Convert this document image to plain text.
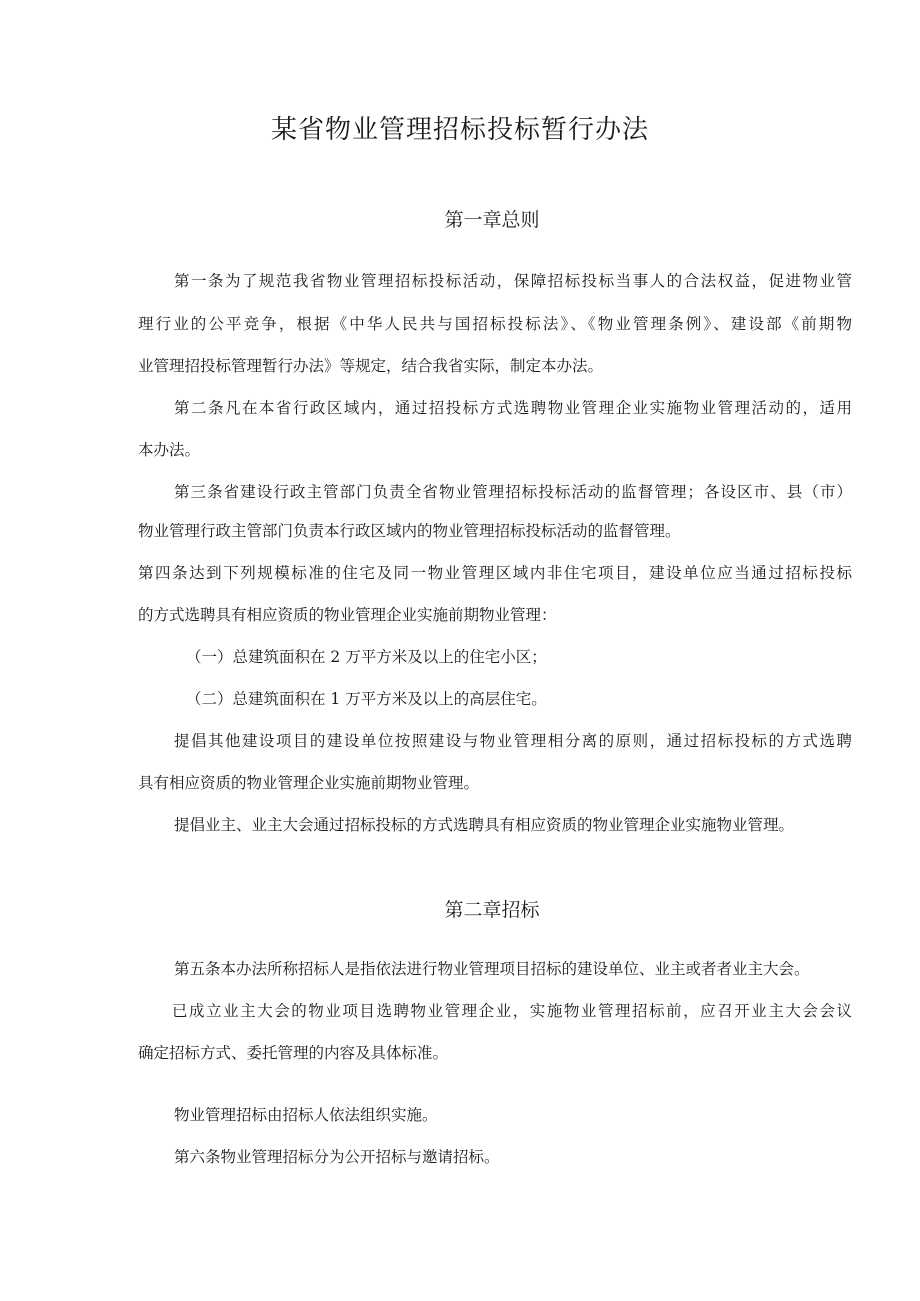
某省物业管理招标投标暂行办法
第一章总则
第一条为了规范我省物业管理招标投标活动，保障招标投标当事人的合法权益，促进物业管
理行业的公平竞争，根据《中华人民共与国招标投标法》、《物业管理条例》、建设部《前期物
业管理招投标管理暂行办法》等规定，结合我省实际，制定本办法。
第二条凡在本省行政区域内，通过招投标方式选聘物业管理企业实施物业管理活动的，适用
本办法。
第三条省建设行政主管部门负责全省物业管理招标投标活动的监督管理；各设区市、县（市）
物业管理行政主管部门负责本行政区域内的物业管理招标投标活动的监督管理。
第四条达到下列规模标准的住宅及同一物业管理区域内非住宅项目，建设单位应当通过招标投标
的方式选聘具有相应资质的物业管理企业实施前期物业管理：
（一）总建筑面积在 2 万平方米及以上的住宅小区；
（二）总建筑面积在 1 万平方米及以上的高层住宅。
提倡其他建设项目的建设单位按照建设与物业管理相分离的原则，通过招标投标的方式选聘
具有相应资质的物业管理企业实施前期物业管理。
提倡业主、业主大会通过招标投标的方式选聘具有相应资质的物业管理企业实施物业管理。
第二章招标
第五条本办法所称招标人是指依法进行物业管理项目招标的建设单位、业主或者者业主大会。
已成立业主大会的物业项目选聘物业管理企业，实施物业管理招标前，应召开业主大会会议
确定招标方式、委托管理的内容及具体标准。
物业管理招标由招标人依法组织实施。
第六条物业管理招标分为公开招标与邀请招标。
